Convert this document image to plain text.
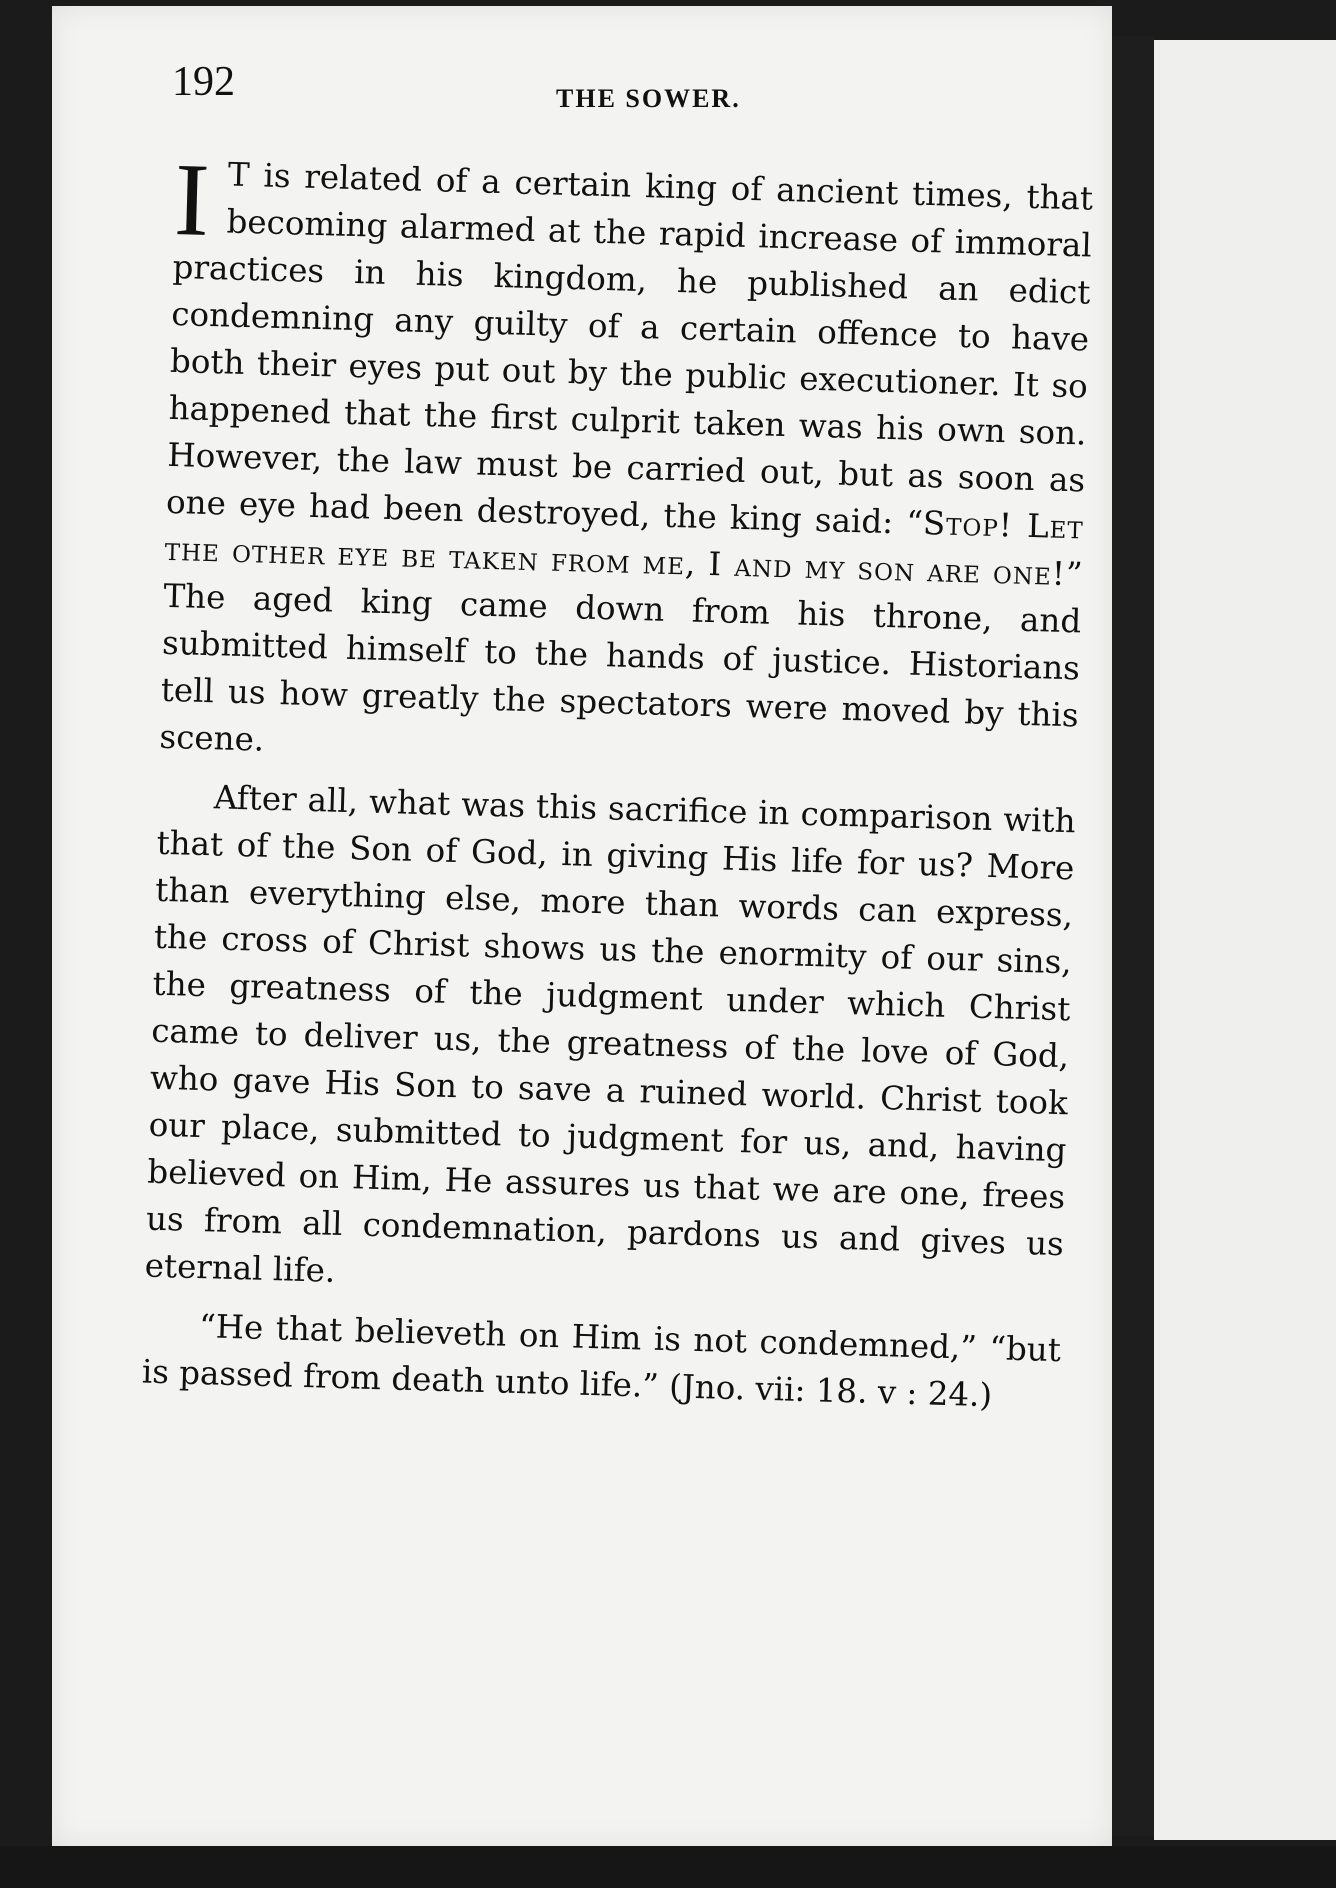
192	THE SOWER.

I T is related of a certain king of ancient times, that becoming alarmed at the rapid increase of immoral practices in his kingdom, he published an edict condemning any guilty of a certain offence to have both their eyes put out by the public executioner. It so happened that the first culprit taken was his own son. However, the law must be carried out, but as soon as one eye had been destroyed, the king said: “Stop! Let the other eye be taken from me, I and my son are one!” The aged king came down from his throne, and submitted himself to the hands of justice. Historians tell us how greatly the spectators were moved by this scene.

After all, what was this sacrifice in comparison with that of the Son of God, in giving His life for us? More than everything else, more than words can express, the cross of Christ shows us the enormity of our sins, the greatness of the judgment under which Christ came to deliver us, the greatness of the love of God, who gave His Son to save a ruined world. Christ took our place, submitted to judgment for us, and, having believed on Him, He assures us that we are one, frees us from all condemnation, pardons us and gives us eternal life.

“He that believeth on Him is not condemned,” “but is passed from death unto life.” (Jno. vii: 18. v : 24.)
